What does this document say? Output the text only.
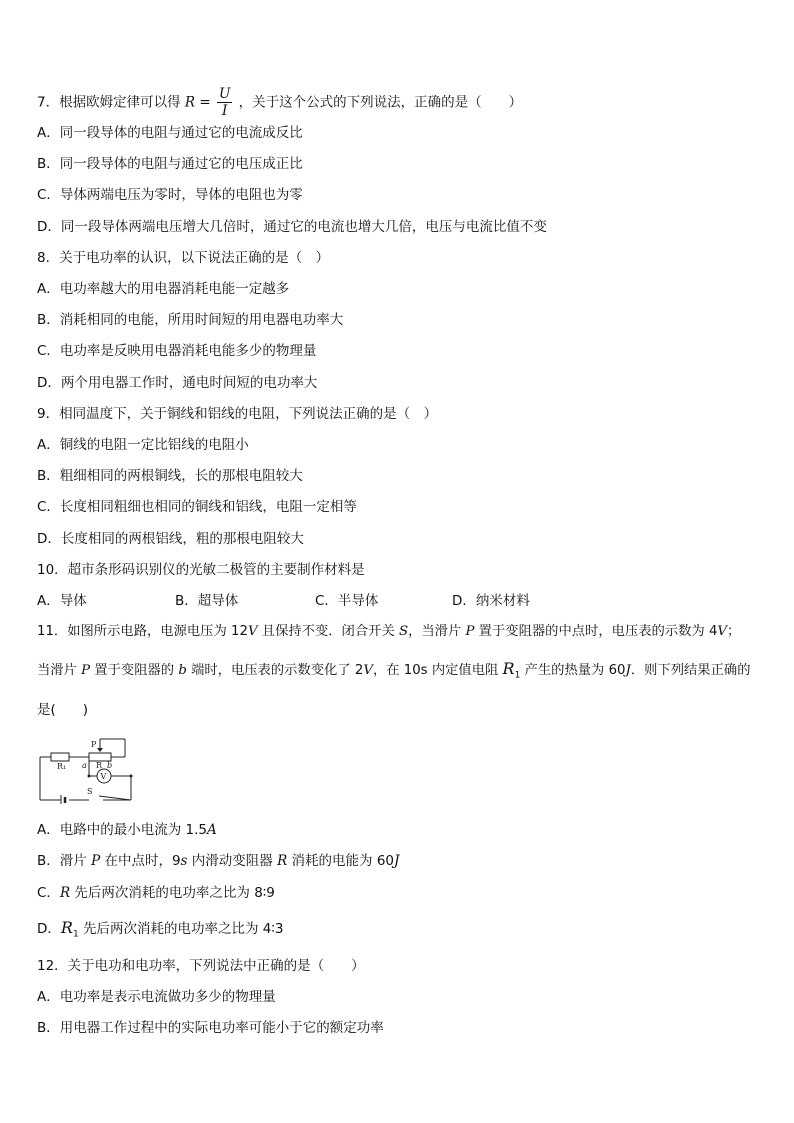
7．根据欧姆定律可以得 $R = \frac{U}{I}$ ，关于这个公式的下列说法，正确的是（　　）
A．同一段导体的电阻与通过它的电流成反比
B．同一段导体的电阻与通过它的电压成正比
C．导体两端电压为零时，导体的电阻也为零
D．同一段导体两端电压增大几倍时，通过它的电流也增大几倍，电压与电流比值不变
8．关于电功率的认识，以下说法正确的是（　）
A．电功率越大的用电器消耗电能一定越多
B．消耗相同的电能，所用时间短的用电器电功率大
C．电功率是反映用电器消耗电能多少的物理量
D．两个用电器工作时，通电时间短的电功率大
9．相同温度下，关于铜线和铝线的电阻，下列说法正确的是（　）
A．铜线的电阻一定比铝线的电阻小
B．粗细相同的两根铜线，长的那根电阻较大
C．长度相同粗细也相同的铜线和铝线，电阻一定相等
D．长度相同的两根铝线，粗的那根电阻较大
10．超市条形码识别仪的光敏二极管的主要制作材料是
A．导体	B．超导体	C．半导体	D．纳米材料
11．如图所示电路，电源电压为 12V 且保持不变．闭合开关 S，当滑片 P 置于变阻器的中点时，电压表的示数为 4V；
当滑片 P 置于变阻器的 b 端时，电压表的示数变化了 2V，在 10s 内定值电阻 $R_1$ 产生的热量为 60J．则下列结果正确的
是(　　)
R₁
P
a R b
V
S
A．电路中的最小电流为 1.5A
B．滑片 P 在中点时，9s 内滑动变阻器 R 消耗的电能为 60J
C．R 先后两次消耗的电功率之比为 8∶9
D．$R_1$ 先后两次消耗的电功率之比为 4∶3
12．关于电功和电功率，下列说法中正确的是（　　）
A．电功率是表示电流做功多少的物理量
B．用电器工作过程中的实际电功率可能小于它的额定功率
